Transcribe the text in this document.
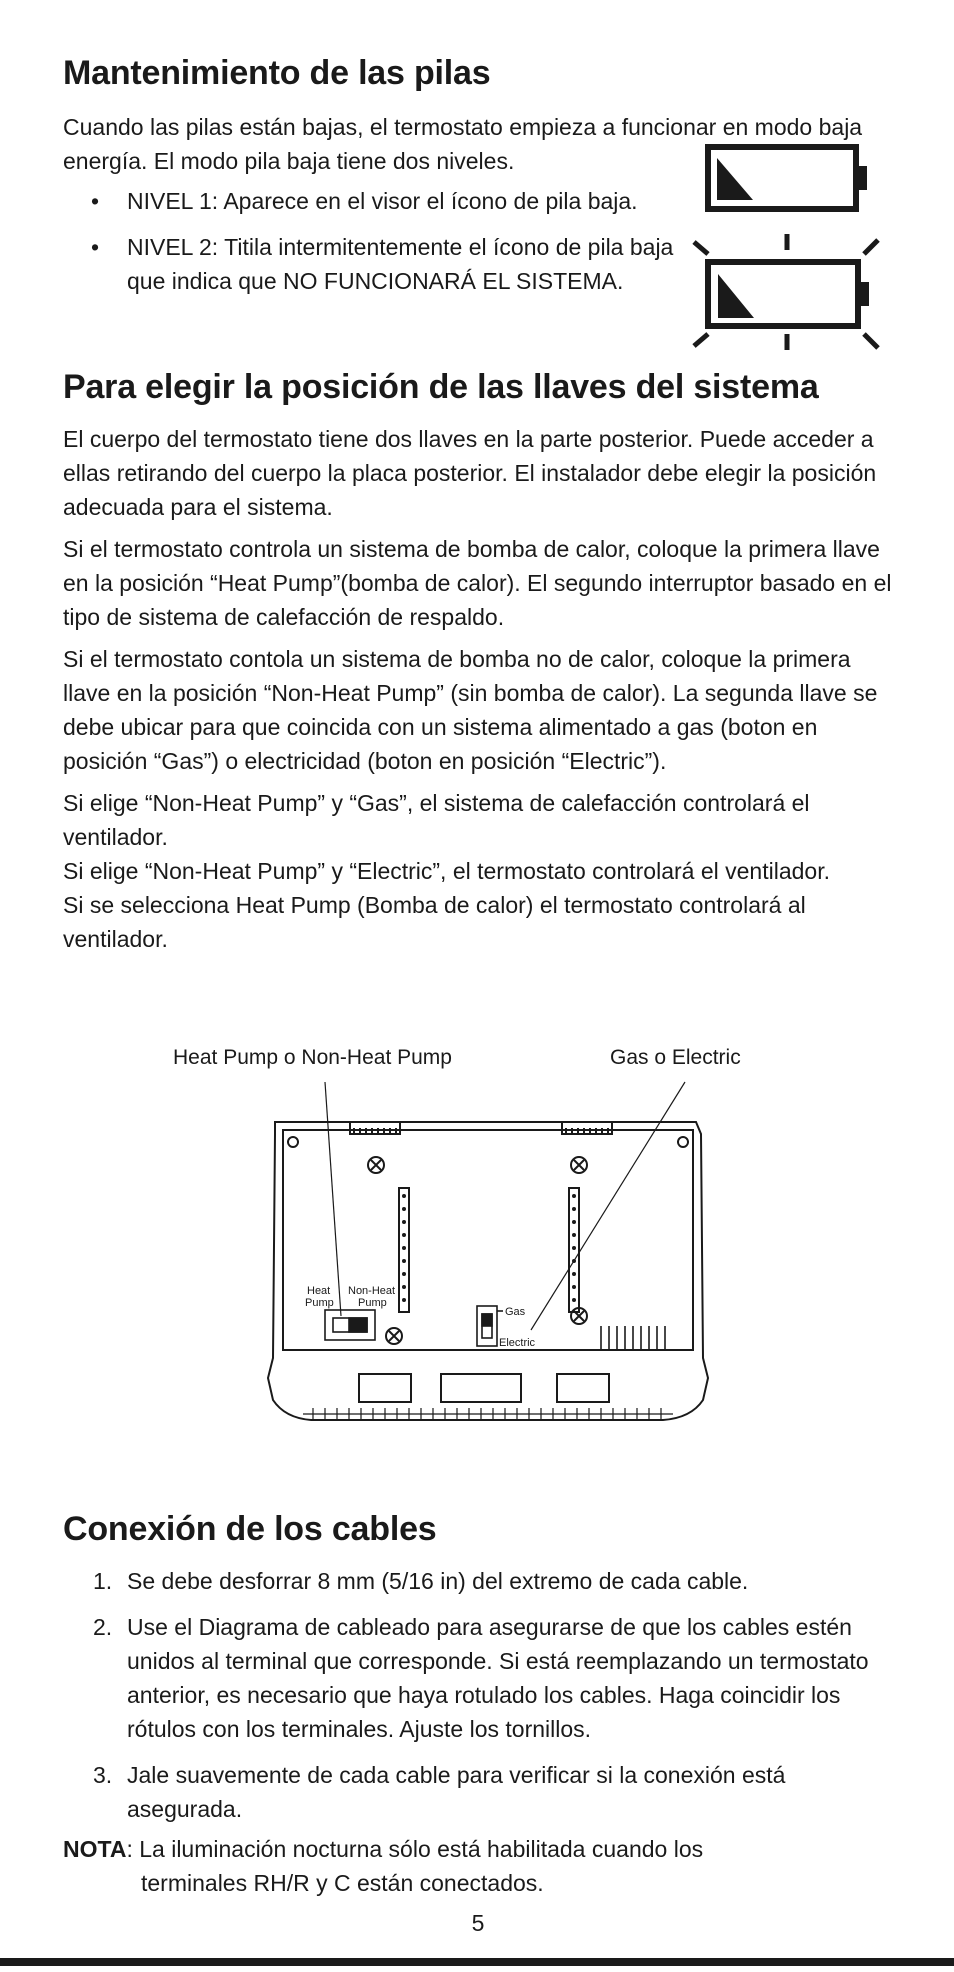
Mantenimiento de las pilas

Cuando las pilas están bajas, el termostato empieza a funcionar en modo baja energía. El modo pila baja tiene dos niveles.

• NIVEL 1: Aparece en el visor el ícono de pila baja.
• NIVEL 2: Titila intermitentemente el ícono de pila baja que indica que NO FUNCIONARÁ EL SISTEMA.
Para elegir la posición de las llaves del sistema

El cuerpo del termostato tiene dos llaves en la parte posterior. Puede acceder a ellas retirando del cuerpo la placa posterior. El instalador debe elegir la posición adecuada para el sistema.

Si el termostato controla un sistema de bomba de calor, coloque la primera llave en la posición “Heat Pump”(bomba de calor). El segundo interruptor basado en el tipo de sistema de calefacción de respaldo.

Si el termostato contola un sistema de bomba no de calor, coloque la primera llave en la posición “Non-Heat Pump” (sin bomba de calor). La segunda llave se debe ubicar para que coincida con un sistema alimentado a gas (boton en posición “Gas”) o electricidad (boton en posición “Electric”).

Si elige “Non-Heat Pump” y “Gas”, el sistema de calefacción controlará el ventilador.

Si elige “Non-Heat Pump” y “Electric”, el termostato controlará el ventilador.

Si se selecciona Heat Pump (Bomba de calor) el termostato controlará al ventilador.

Heat Pump o Non-Heat Pump	Gas o Electric
Heat
Pump
Non-Heat
Pump
Gas
Electric
Conexión de los cables
1. Se debe desforrar 8 mm (5/16 in) del extremo de cada cable.
2. Use el Diagrama de cableado para asegurarse de que los cables estén unidos al terminal que corresponde. Si está reemplazando un termostato anterior, es necesario que haya rotulado los cables. Haga coincidir los rótulos con los terminales. Ajuste los tornillos.
3. Jale suavemente de cada cable para verificar si la conexión está asegurada.

NOTA: La iluminación nocturna sólo está habilitada cuando los
terminales RH/R y C están conectados.

5
